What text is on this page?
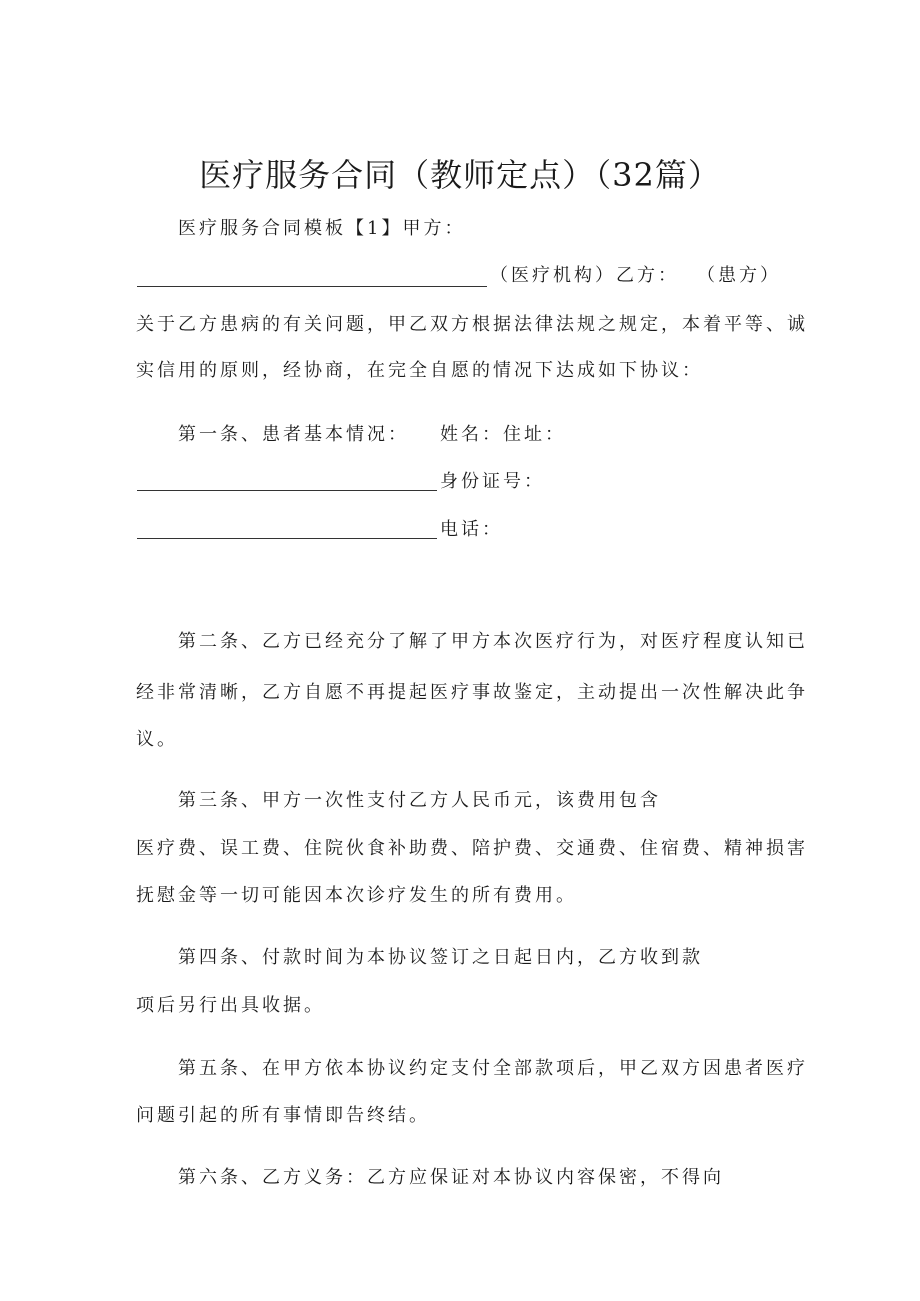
医疗服务合同（教师定点）（32篇）
医疗服务合同模板【1】甲方：
（医疗机构）乙方： （患方）
关于乙方患病的有关问题，甲乙双方根据法律法规之规定，本着平等、诚
实信用的原则，经协商，在完全自愿的情况下达成如下协议：
第一条、患者基本情况： 姓名：住址：
身份证号：
电话：
第二条、乙方已经充分了解了甲方本次医疗行为，对医疗程度认知已
经非常清晰，乙方自愿不再提起医疗事故鉴定，主动提出一次性解决此争
议。
第三条、甲方一次性支付乙方人民币元，该费用包含
医疗费、误工费、住院伙食补助费、陪护费、交通费、住宿费、精神损害
抚慰金等一切可能因本次诊疗发生的所有费用。
第四条、付款时间为本协议签订之日起日内，乙方收到款
项后另行出具收据。
第五条、在甲方依本协议约定支付全部款项后，甲乙双方因患者医疗
问题引起的所有事情即告终结。
第六条、乙方义务：乙方应保证对本协议内容保密，不得向
